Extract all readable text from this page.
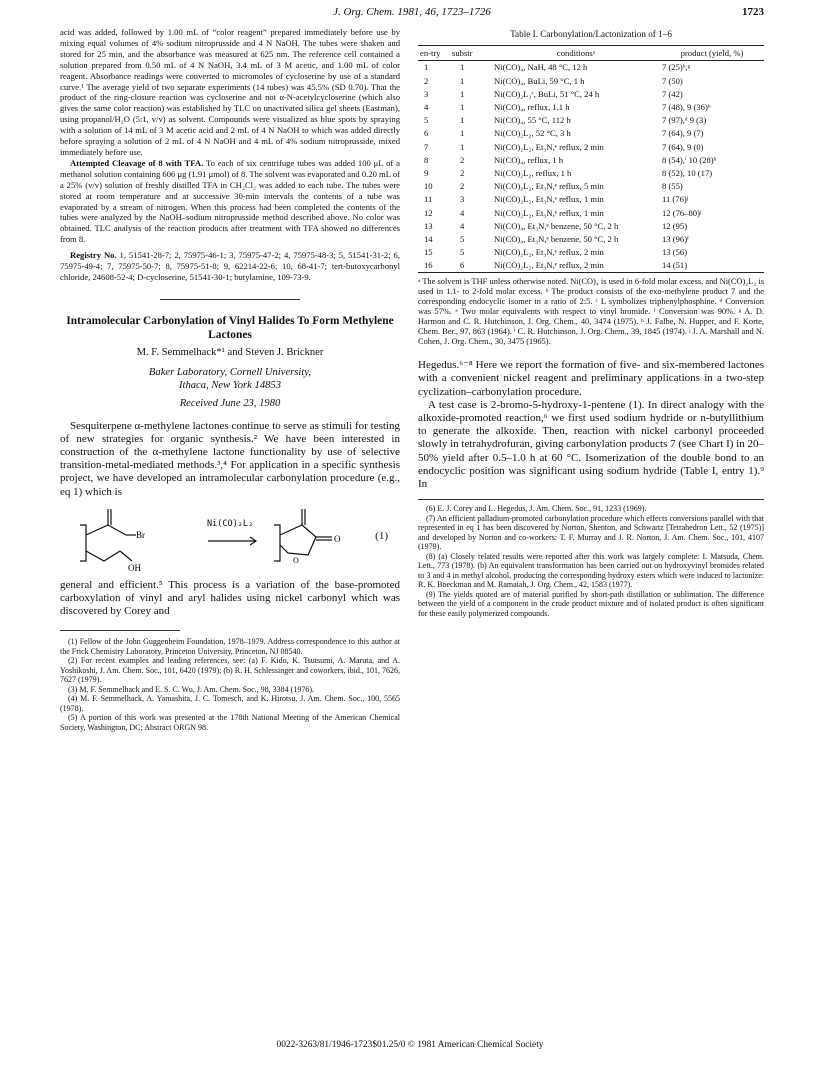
J. Org. Chem. 1981, 46, 1723–1726	1723

acid was added, followed by 1.00 mL of “color reagent” prepared immediately before use by mixing equal volumes of 4% sodium nitroprusside and 4 N NaOH. The tubes were shaken and stored for 25 min, and the absorbance was measured at 625 nm. The reference cell contained a solution prepared from 0.50 mL of 4 N NaOH, 3.4 mL of 3 M acetic, and 1.00 mL of color reagent. Absorbance readings were converted to micromoles of cycloserine by use of a standard curve.¹ The average yield of two separate experiments (14 tubes) was 45.5% (SD 0.70). That the product of the ring-closure reaction was cycloserine and not α-N-acetylcycloserine (which also gives the same color reaction) was established by TLC on unactivated silica gel sheets (Eastman), using propanol/H₂O (5:1, v/v) as solvent. Compounds were visualized as blue spots by spraying with a solution of 14 mL of 3 M acetic acid and 2 mL of 4 N NaOH to which was added directly before spraying a solution of 2 mL of 4 N NaOH and 4 mL of 4% sodium nitroprusside, mixed immediately before use.

Attempted Cleavage of 8 with TFA. To each of six centrifuge tubes was added 100 μL of a methanol solution containing 606 μg (1.91 μmol) of 8. The solvent was evaporated and 0.20 mL of a 25% (v/v) solution of freshly distilled TFA in CH₂Cl₂ was added to each tube. The tubes were stored at room temperature and at successive 30-min intervals the contents of a tube was evaporated by a stream of nitrogen. When this process had been completed the contents of the tubes were analyzed by the NaOH–sodium nitroprusside method described above. No color was obtained. TLC analysis of the reaction products after treatment with TFA showed no differences from 8.

Registry No. 1, 51541-28-7; 2, 75975-46-1; 3, 75975-47-2; 4, 75975-48-3; 5, 51541-31-2; 6, 75975-49-4; 7, 75975-50-7; 8, 75975-51-8; 9, 62214-22-6; 10, 68-41-7; tert-butoxycarbonyl chloride, 24608-52-4; D-cycloserine, 51541-30-1; butylamine, 109-73-9.

Intramolecular Carbonylation of Vinyl Halides To Form Methylene Lactones
M. F. Semmelhack*¹ and Steven J. Brickner
Baker Laboratory, Cornell University,
Ithaca, New York 14853
Received June 23, 1980

Sesquiterpene α-methylene lactones continue to serve as stimuli for testing of new strategies for organic synthesis.² We have been interested in construction of the α-methylene lactone functionality by use of selective transition-metal-mediated methods.³,⁴ For application in a specific synthesis project, we have developed an intramolecular carbonylation procedure (e.g., eq 1) which is

Br
OH
O
O
Ni(CO)₂L₂
(1)

general and efficient.⁵ This process is a variation of the base-promoted carboxylation of vinyl and aryl halides using nickel carbonyl which was discovered by Corey and

(1) Fellow of the John Guggenheim Foundation, 1978–1979. Address correspondence to this author at the Frick Chemistry Laboratory, Princeton University, Princeton, NJ 08540.

(2) For recent examples and leading references, see: (a) F. Kido, K. Tsutsumi, A. Maruta, and A. Yoshikoshi, J. Am. Chem. Soc., 101, 6420 (1979); (b) R. H. Schlessinger and coworkers, ibid., 101, 7626, 7627 (1979).

(3) M. F. Semmelhack and E. S. C. Wu, J. Am. Chem. Soc., 98, 3384 (1976).

(4) M. F. Semmelhack, A. Yamashita, J. C. Tomesch, and K. Hirotsu, J. Am. Chem. Soc., 100, 5565 (1978).

(5) A portion of this work was presented at the 178th National Meeting of the American Chemical Society, Washington, DC; Abstract ORGN 98.

Table I. Carbonylation/Lactonization of 1–6
en-try	substr	conditionsᵃ	product (yield, %)
1	1	Ni(CO)₄, NaH, 48 °C, 12 h	7 (25)ᵇ,ᵍ
2	1	Ni(CO)₄, BuLi, 59 °C, 1 h	7 (50)
3	1	Ni(CO)₂L₂ᶜ, BuLi, 51 °C, 24 h	7 (42)
4	1	Ni(CO)₄, reflux, 1.1 h	7 (48), 9 (36)ʰ
5	1	Ni(CO)₄, 55 °C, 112 h	7 (97),ᵈ 9 (3)
6	1	Ni(CO)₂L₂, 52 °C, 3 h	7 (64), 9 (7)
7	1	Ni(CO)₂L₂, Et₃N,ᵉ reflux, 2 min	7 (64), 9 (0)
8	2	Ni(CO)₄, reflux, 1 h	8 (54),ⁱ 10 (28)ʰ
9	2	Ni(CO)₂L₂, reflux, 1 h	8 (52), 10 (17)
10	2	Ni(CO)₂L₂, Et₃N,ᵉ reflux, 5 min	8 (55)
11	3	Ni(CO)₂L₂, Et₃N,ᵉ reflux, 1 min	11 (76)ʲ
12	4	Ni(CO)₂L₂, Et₃N,ᵉ reflux, 1 min	12 (76–80)ʲ
13	4	Ni(CO)₄, Et₃N,ᵉ benzene, 50 °C, 2 h	12 (95)
14	5	Ni(CO)₄, Et₃N,ᵉ benzene, 50 °C, 2 h	13 (96)ᶠ
15	5	Ni(CO)₂L₂, Et₃N,ᵉ reflux, 2 min	13 (56)
16	6	Ni(CO)₂L₂, Et₃N,ᵉ reflux, 2 min	14 (51)
ᵃ The solvent is THF unless otherwise noted. Ni(CO)₄ is used in 6-fold molar excess, and Ni(CO)₂L₂ is used in 1.1- to 2-fold molar excess. ᵇ The product consists of the exo-methylene product 7 and the corresponding endocyclic isomer in a ratio of 2:5. ᶜ L symbolizes triphenylphosphine. ᵈ Conversion was 57%. ᵉ Two molar equivalents with respect to vinyl bromide. ᶠ Conversion was 90%. ᵍ A. D. Harmon and C. R. Hutchinson, J. Org. Chem., 40, 3474 (1975). ʰ J. Falbe, N. Hupper, and F. Korte, Chem. Ber., 97, 863 (1964). ⁱ C. R. Hutchinson, J. Org. Chem., 39, 1845 (1974). ʲ J. A. Marshall and N. Cohen, J. Org. Chem., 30, 3475 (1965).

Hegedus.⁶⁻⁸ Here we report the formation of five- and six-membered lactones with a convenient nickel reagent and preliminary applications in a two-step cyclization–carbonylation procedure.

A test case is 2-bromo-5-hydroxy-1-pentene (1). In direct analogy with the alkoxide-promoted reaction,⁶ we first used sodium hydride or n-butyllithium to generate the alkoxide. Then, reaction with nickel carbonyl proceeded slowly in tetrahydrofuran, giving carbonylation products 7 (see Chart I) in 20–50% yield after 0.5–1.0 h at 60 °C. Isomerization of the double bond to an endocyclic position was significant using sodium hydride (Table I, entry 1).⁹ In

(6) E. J. Corey and L. Hegedus, J. Am. Chem. Soc., 91, 1233 (1969).

(7) An efficient palladium-promoted carbonylation procedure which effects conversions parallel with that represented in eq 1 has been discovered by Norton, Shenton, and Schwartz [Tetrahedron Lett., 52 (1975)] and developed by Norton and co-workers: T. F. Murray and J. R. Norton, J. Am. Chem. Soc., 101, 4107 (1979).

(8) (a) Closely related results were reported after this work was largely complete: I. Matsuda, Chem. Lett., 773 (1978). (b) An equivalent transformation has been carried out on hydroxyvinyl bromides related to 3 and 4 in methyl alcohol, producing the corresponding hydroxy esters which were induced to lactonize: R. K. Boeckman and M. Ramaiah, J. Org. Chem., 42, 1583 (1977).

(9) The yields quoted are of material purified by short-path distillation or sublimation. The difference between the yield of a component in the crude product mixture and of isolated product is often significant for these easily polymerized compounds.

0022-3263/81/1946-1723$01.25/0 © 1981 American Chemical Society
